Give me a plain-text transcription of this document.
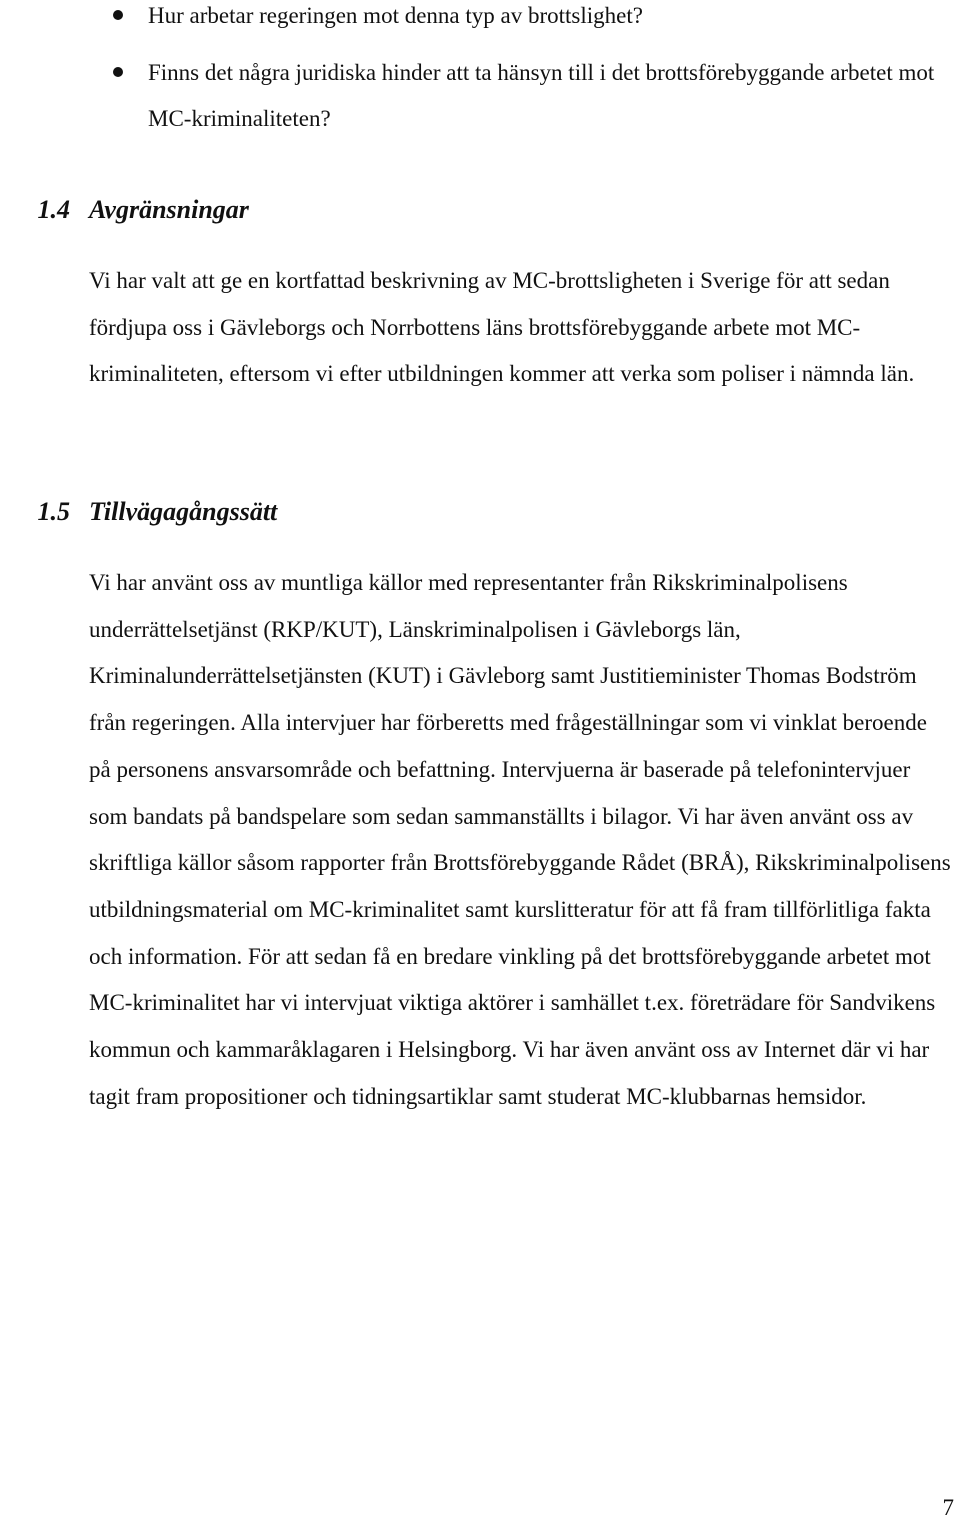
Hur arbetar regeringen mot denna typ av brottslighet?
Finns det några juridiska hinder att ta hänsyn till i det brottsförebyggande arbetet mot MC-kriminaliteten?
1.4 Avgränsningar

Vi har valt att ge en kortfattad beskrivning av MC-brottsligheten i Sverige för att sedan fördjupa oss i Gävleborgs och Norrbottens läns brottsförebyggande arbete mot MC-kriminaliteten, eftersom vi efter utbildningen kommer att verka som poliser i nämnda län.

1.5 Tillvägagångssätt

Vi har använt oss av muntliga källor med representanter från Rikskriminalpolisens underrättelsetjänst (RKP/KUT), Länskriminalpolisen i Gävleborgs län, Kriminalunderrättelsetjänsten (KUT) i Gävleborg samt Justitieminister Thomas Bodström från regeringen. Alla intervjuer har förberetts med frågeställningar som vi vinklat beroende på personens ansvarsområde och befattning. Intervjuerna är baserade på telefonintervjuer som bandats på bandspelare som sedan sammanställts i bilagor. Vi har även använt oss av skriftliga källor såsom rapporter från Brottsförebyggande Rådet (BRÅ), Rikskriminalpolisens utbildningsmaterial om MC-kriminalitet samt kurslitteratur för att få fram tillförlitliga fakta och information. För att sedan få en bredare vinkling på det brottsförebyggande arbetet mot MC-kriminalitet har vi intervjuat viktiga aktörer i samhället t.ex. företrädare för Sandvikens kommun och kammaråklagaren i Helsingborg. Vi har även använt oss av Internet där vi har tagit fram propositioner och tidningsartiklar samt studerat MC-klubbarnas hemsidor.

7
